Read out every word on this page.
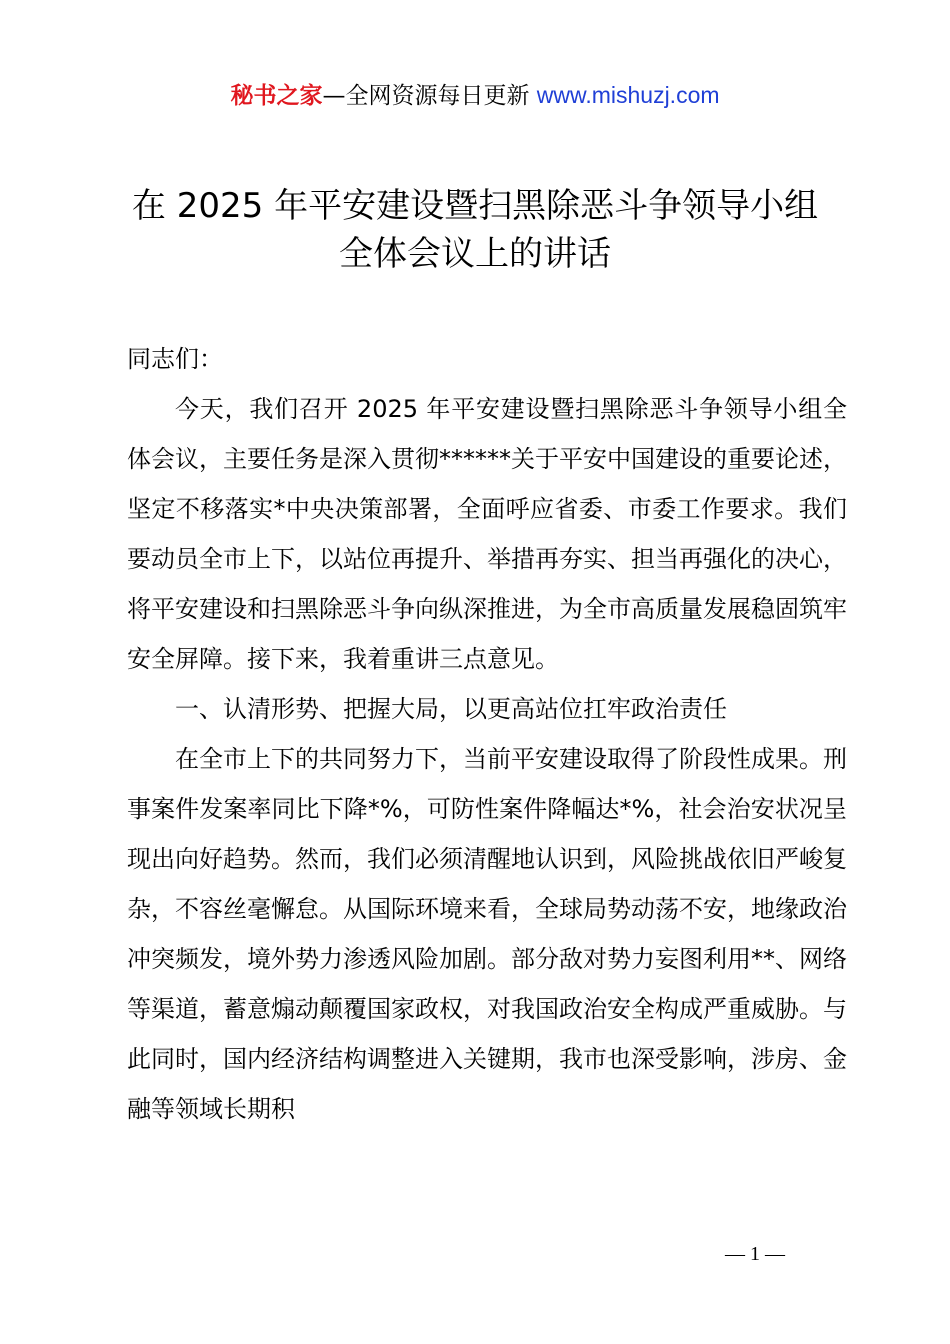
秘书之家—全网资源每日更新 www.mishuzj.com
在 2025 年平安建设暨扫黑除恶斗争领导小组
全体会议上的讲话

同志们：

今天，我们召开 2025 年平安建设暨扫黑除恶斗争领导小组全体会议，主要任务是深入贯彻******关于平安中国建设的重要论述，坚定不移落实*中央决策部署，全面呼应省委、市委工作要求。我们要动员全市上下，以站位再提升、举措再夯实、担当再强化的决心，将平安建设和扫黑除恶斗争向纵深推进，为全市高质量发展稳固筑牢安全屏障。接下来，我着重讲三点意见。

一、认清形势、把握大局，以更高站位扛牢政治责任

在全市上下的共同努力下，当前平安建设取得了阶段性成果。刑事案件发案率同比下降*%，可防性案件降幅达*%，社会治安状况呈现出向好趋势。然而，我们必须清醒地认识到，风险挑战依旧严峻复杂，不容丝毫懈怠。从国际环境来看，全球局势动荡不安，地缘政治冲突频发，境外势力渗透风险加剧。部分敌对势力妄图利用**、网络等渠道，蓄意煽动颠覆国家政权，对我国政治安全构成严重威胁。与此同时，国内经济结构调整进入关键期，我市也深受影响，涉房、金融等领域长期积

— 1 —
